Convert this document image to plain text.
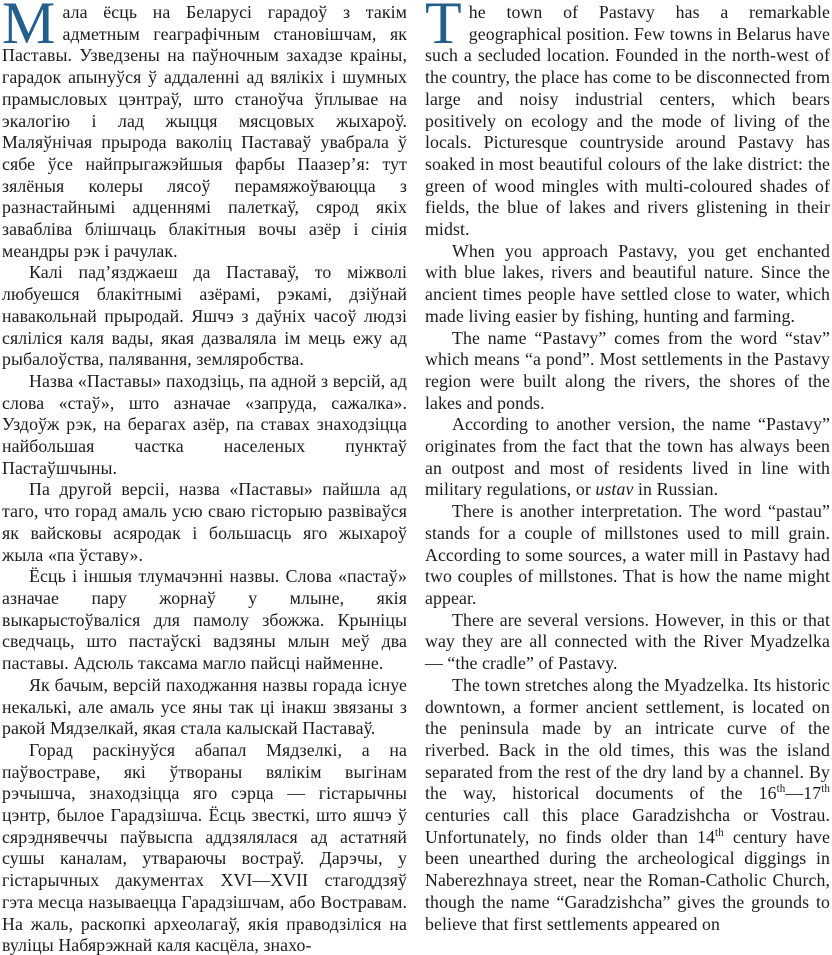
Мала ёсць на Беларусі гарадоў з такім адметным геаграфічным становішчам, як Паставы. Узведзены на паўночным захадзе краіны, гарадок апынуўся ў аддаленні ад вялікіх і шумных прамысловых цэнтраў, што станоўча ўплывае на экалогію і лад жыцця мясцовых жыхароў. Маляўнічая прырода ваколіц Паставаў увабрала ў сябе ўсе найпрыгажэйшыя фарбы Паазер’я: тут зялёныя колеры лясоў перамяжоўваюцца з разнастайнымі адценнямі палеткаў, сярод якіх завабліва блішчаць блакітныя вочы азёр і сінія меандры рэк і рачулак.

Калі пад’язджаеш да Паставаў, то міжволі любуешся блакітнымі азёрамі, рэкамі, дзіўнай навакольнай прыродай. Яшчэ з даўніх часоў людзі сяліліся каля вады, якая дазваляла ім мець ежу ад рыбалоўства, палявання, земляробства.

Назва «Паставы» паходзіць, па адной з версій, ад слова «стаў», што азначае «запруда, сажалка». Уздоўж рэк, на берагах азёр, па ставах знаходзіцца найбольшая частка населеных пунктаў Пастаўшчыны.

Па другой версіі, назва «Паставы» пайшла ад таго, что горад амаль усю сваю гісторыю развіваўся як вайсковы асяродак і большасць яго жыхароў жыла «па ўставу».

Ёсць і іншыя тлумачэнні назвы. Слова «пастаў» азначае пару жорнаў у млыне, якія выкарыстоўваліся для памолу збожжа. Крыніцы сведчаць, што пастаўскі вадзяны млын меў два паставы. Адсюль таксама магло пайсці найменне.

Як бачым, версій паходжання назвы горада існуе некалькі, але амаль усе яны так ці інакш звязаны з ракой Мядзелкай, якая стала калыскай Паставаў.

Горад раскінуўся абапал Мядзелкі, а на паўвостраве, які ўтвораны вялікім выгінам рэчышча, знаходзіцца яго сэрца — гістарычны цэнтр, былое Гарадзішча. Ёсць звесткі, што яшчэ ў сярэднявеччы паўвыспа аддзялялася ад астатняй сушы каналам, утвараючы востраў. Дарэчы, у гістарычных дакументах XVI—XVII стагоддзяў гэта месца называецца Гарадзішчам, або Востравам. На жаль, раскопкі археолагаў, якія праводзіліся на вуліцы Набярэжнай каля касцёла, знахо-

The town of Pastavy has a remarkable geographical position. Few towns in Belarus have such a secluded location. Founded in the north-west of the country, the place has come to be disconnected from large and noisy industrial centers, which bears positively on ecology and the mode of living of the locals. Picturesque countryside around Pastavy has soaked in most beautiful colours of the lake district: the green of wood mingles with multi-coloured shades of fields, the blue of lakes and rivers glistening in their midst.

When you approach Pastavy, you get enchanted with blue lakes, rivers and beautiful nature. Since the ancient times people have settled close to water, which made living easier by fishing, hunting and farming.

The name “Pastavy” comes from the word “stav” which means “a pond”. Most settlements in the Pastavy region were built along the rivers, the shores of the lakes and ponds.

According to another version, the name “Pastavy” originates from the fact that the town has always been an outpost and most of residents lived in line with military regulations, or ustav in Russian.

There is another interpretation. The word “pastau” stands for a couple of millstones used to mill grain. According to some sources, a water mill in Pastavy had two couples of millstones. That is how the name might appear.

There are several versions. However, in this or that way they are all connected with the River Myadzelka — “the cradle” of Pastavy.

The town stretches along the Myadzelka. Its historic downtown, a former ancient settlement, is located on the peninsula made by an intricate curve of the riverbed. Back in the old times, this was the island separated from the rest of the dry land by a channel. By the way, historical documents of the 16th—17th centuries call this place Garadzishcha or Vostrau. Unfortunately, no finds older than 14th century have been unearthed during the archeological diggings in Naberezhnaya street, near the Roman-Catholic Church, though the name “Garadzishcha” gives the grounds to believe that first settlements appeared on
